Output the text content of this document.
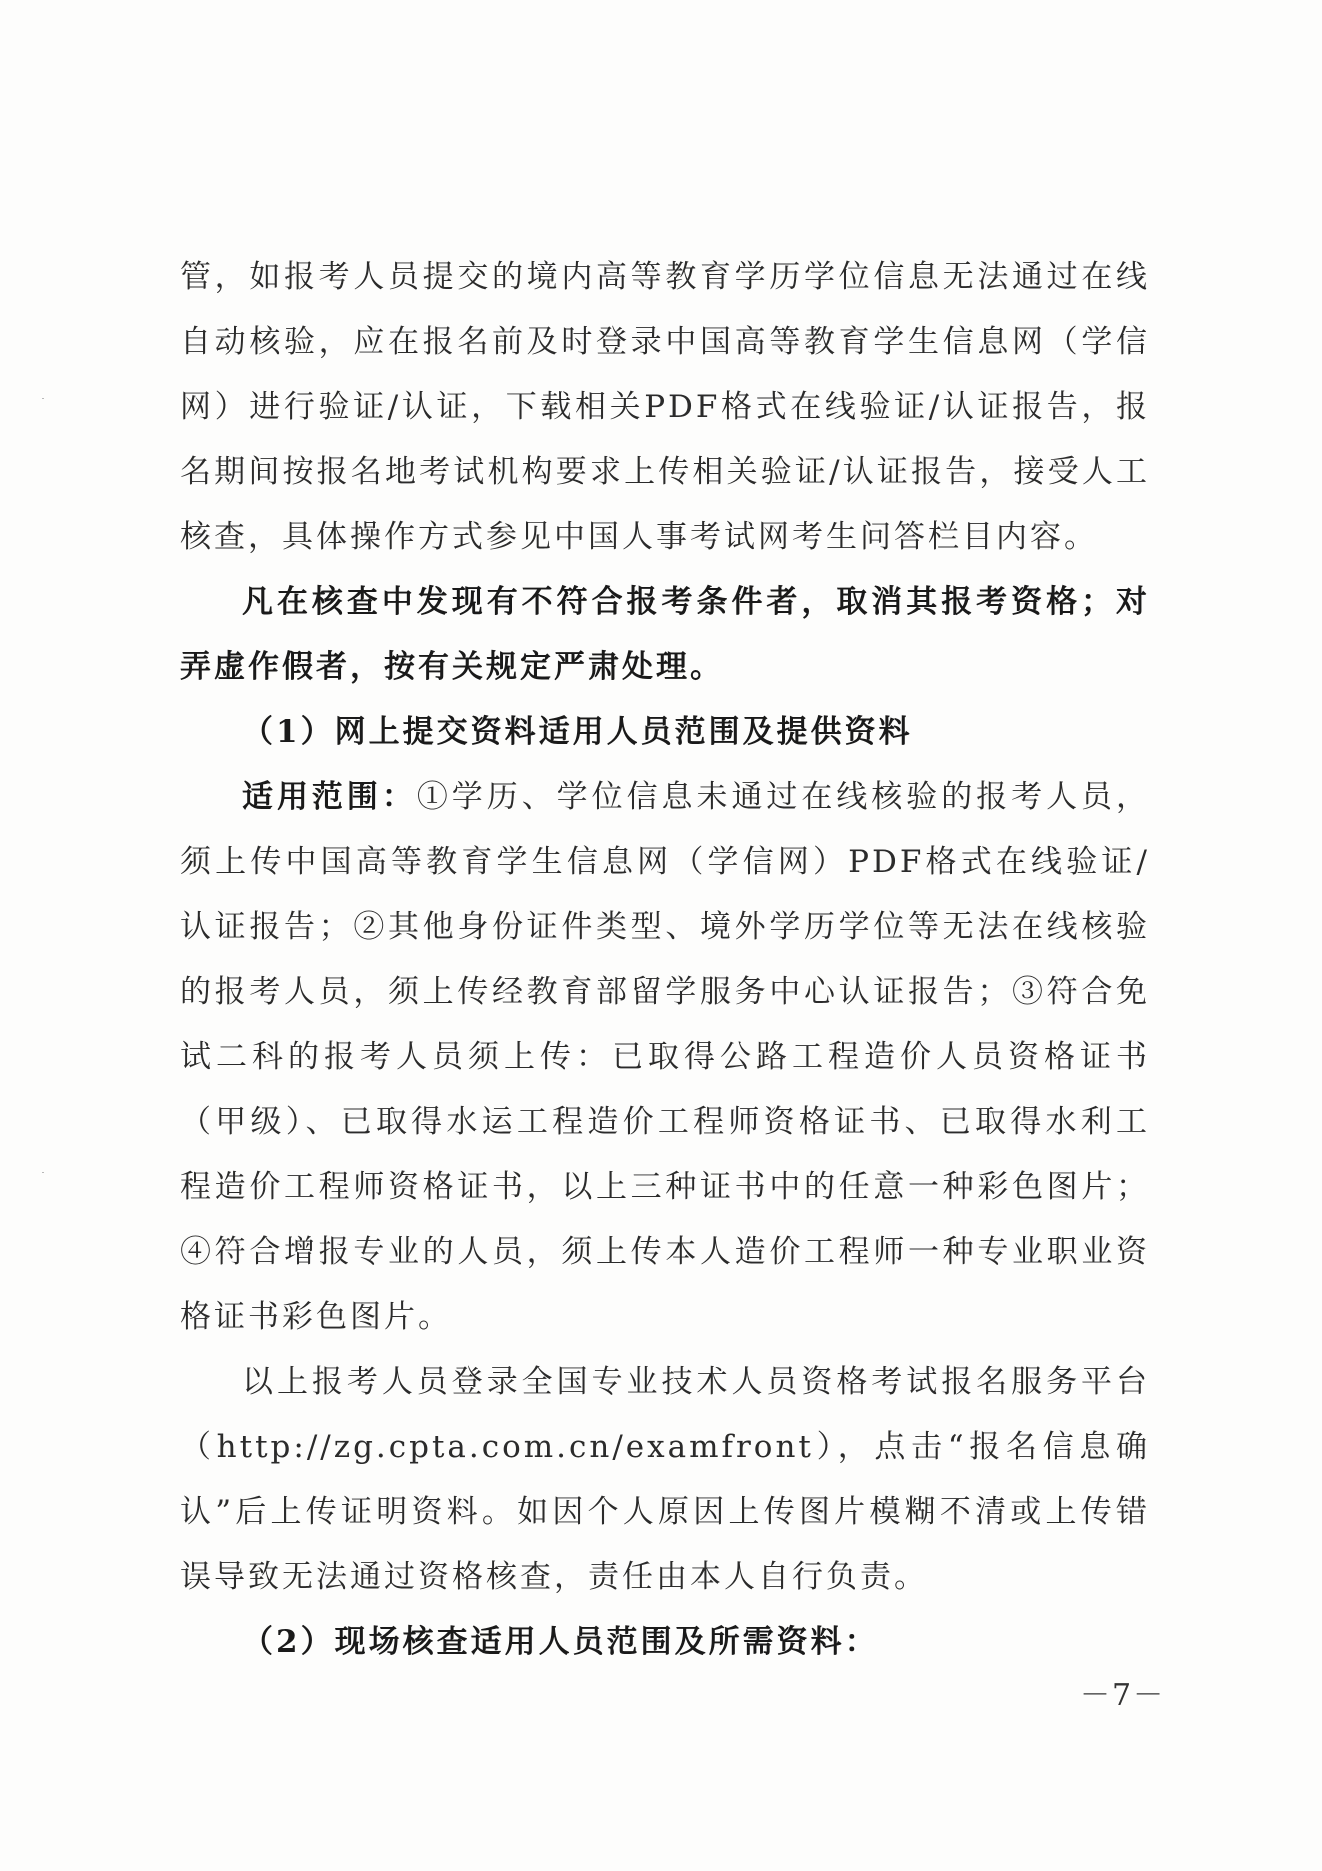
管，如报考人员提交的境内高等教育学历学位信息无法通过在线自动核验，应在报名前及时登录中国高等教育学生信息网（学信网）进行验证/认证，下载相关PDF格式在线验证/认证报告，报名期间按报名地考试机构要求上传相关验证/认证报告，接受人工核查，具体操作方式参见中国人事考试网考生问答栏目内容。

凡在核查中发现有不符合报考条件者，取消其报考资格；对弄虚作假者，按有关规定严肃处理。

（1）网上提交资料适用人员范围及提供资料

适用范围：①学历、学位信息未通过在线核验的报考人员，须上传中国高等教育学生信息网（学信网）PDF格式在线验证/认证报告；②其他身份证件类型、境外学历学位等无法在线核验的报考人员，须上传经教育部留学服务中心认证报告；③符合免试二科的报考人员须上传：已取得公路工程造价人员资格证书（甲级）、已取得水运工程造价工程师资格证书、已取得水利工程造价工程师资格证书，以上三种证书中的任意一种彩色图片；④符合增报专业的人员，须上传本人造价工程师一种专业职业资格证书彩色图片。

以上报考人员登录全国专业技术人员资格考试报名服务平台（http://zg.cpta.com.cn/examfront），点击“报名信息确认”后上传证明资料。如因个人原因上传图片模糊不清或上传错误导致无法通过资格核查，责任由本人自行负责。

（2）现场核查适用人员范围及所需资料：

－7－
